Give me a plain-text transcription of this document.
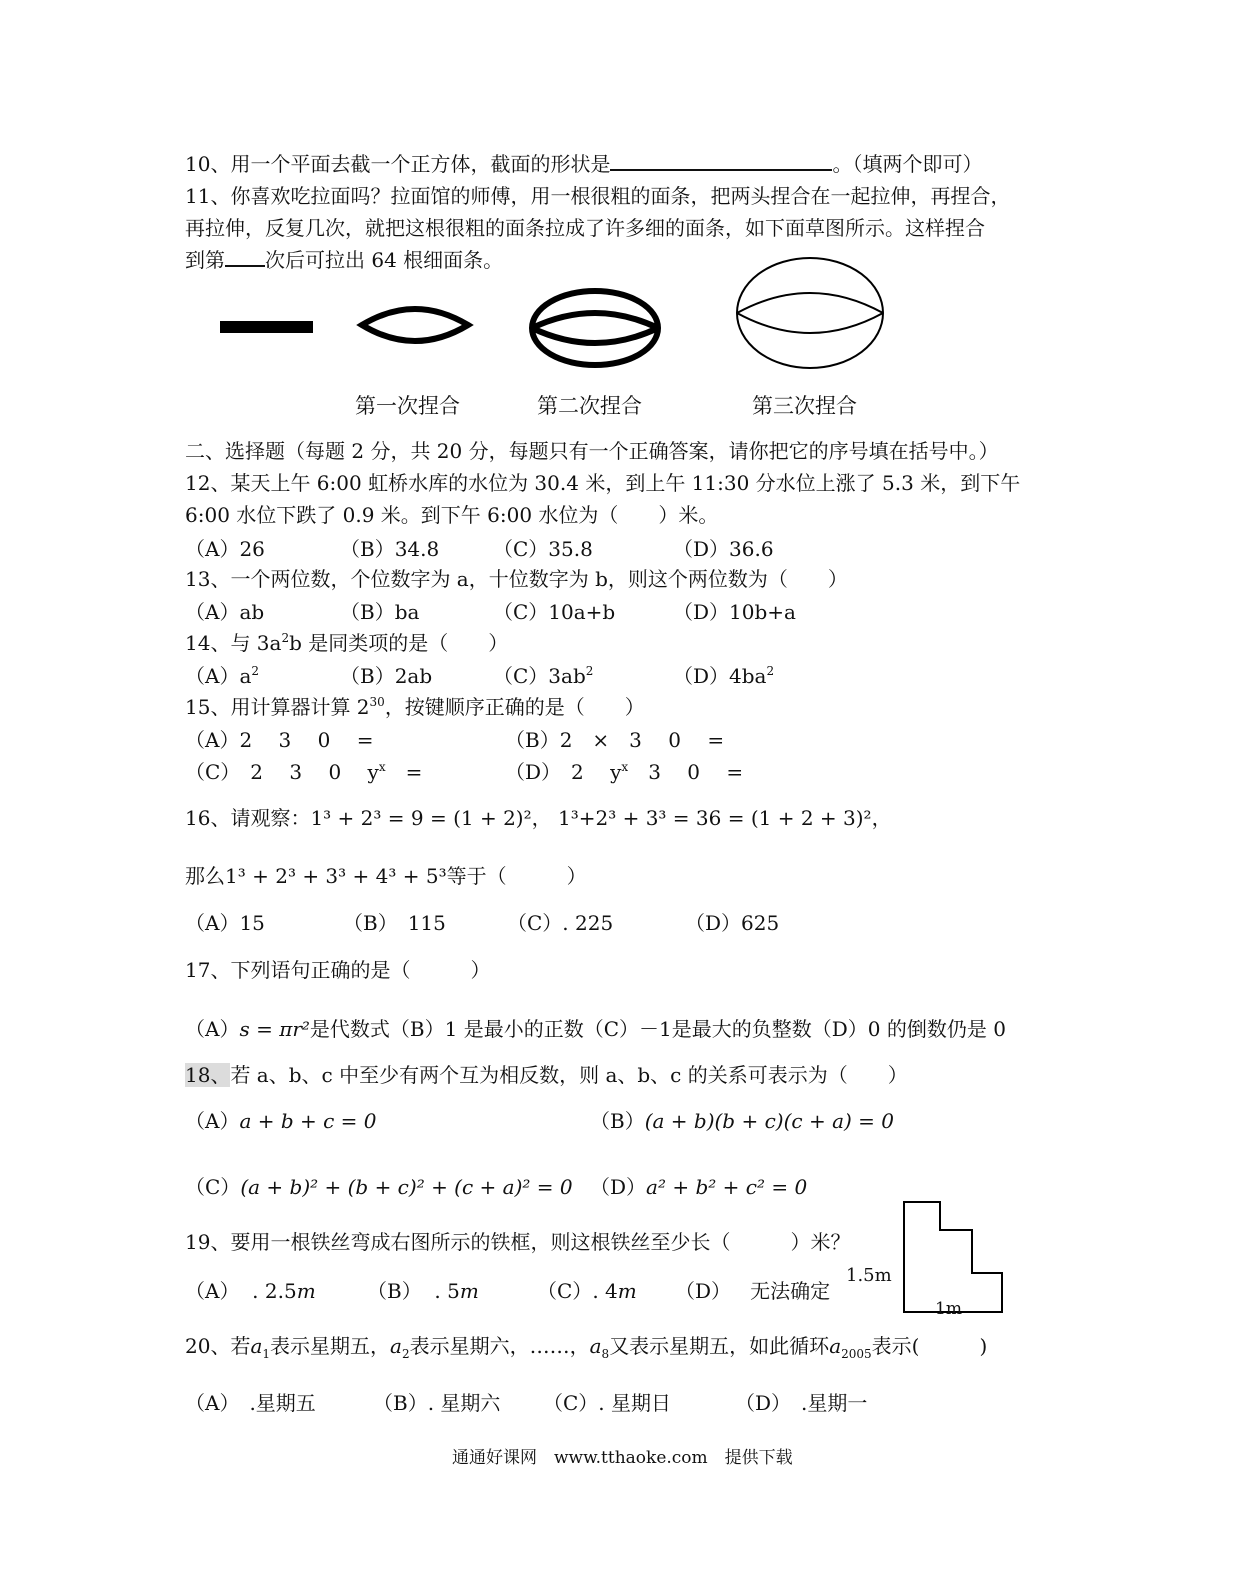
10、用一个平面去截一个正方体，截面的形状是	。（填两个即可）
11、你喜欢吃拉面吗？拉面馆的师傅，用一根很粗的面条，把两头捏合在一起拉伸，再捏合，
再拉伸，反复几次，就把这根很粗的面条拉成了许多细的面条，如下面草图所示。这样捏合
到第 次后可拉出 64 根细面条。
第一次捏合	第二次捏合	第三次捏合
二、选择题（每题 2 分，共 20 分，每题只有一个正确答案，请你把它的序号填在括号中。）
12、某天上午 6:00 虹桥水库的水位为 30.4 米，到上午 11:30 分水位上涨了 5.3 米，到下午
6:00 水位下跌了 0.9 米。到下午 6:00 水位为（　　）米。
（A）26	（B）34.8	（C）35.8	（D）36.6
13、一个两位数，个位数字为 a，十位数字为 b，则这个两位数为（　　）
（A）ab	（B）ba	（C）10a+b	（D）10b+a
14、与 $3a^2b$ 是同类项的是（　　）
$(A)a^2$	（B）2ab	$(C)3ab^2$	$(D)4ba^2$
15、用计算器计算 $2^{30}$，按键顺序正确的是（　　）
（A）2　 3　 0　 =	（B）2　×　3　 0　 =
（C）　2　 3　 0　 $y^x$　=	（D）　2　 $y^x$　3　 0　 =
16、请观察：1³ + 2³ = 9 = (1 + 2)²， 1³+2³ + 3³ = 36 = (1 + 2 + 3)²，
那么1³ + 2³ + 3³ + 4³ + 5³等于（　　　）
（A）15	（B）　115	（C）. 225	（D）625
17、下列语句正确的是（　　　）
（A）s = πr²是代数式（B）1 是最小的正数（C）－1是最大的负整数（D）0 的倒数仍是 0
18、若 a、b、c 中至少有两个互为相反数，则 a、b、c 的关系可表示为（　　）
（A）a + b + c = 0	（B）(a + b)(b + c)(c + a) = 0
（C）(a + b)² + (b + c)² + (c + a)² = 0 （D）a² + b² + c² = 0
19、要用一根铁丝弯成右图所示的铁框，则这根铁丝至少长（　　　）米？
（A） . 2.5m	（B） . 5m	（C）. 4m （D） 无法确定
1.5m
1m
20、若$a_1$表示星期五，$a_2$表示星期六，……，$a_8$又表示星期五，如此循环$a_{2005}$表示(　　　)
（A）　.星期五	（B）. 星期六 （C）. 星期日	（D）　.星期一
通通好课网　www.tthaoke.com　提供下载
